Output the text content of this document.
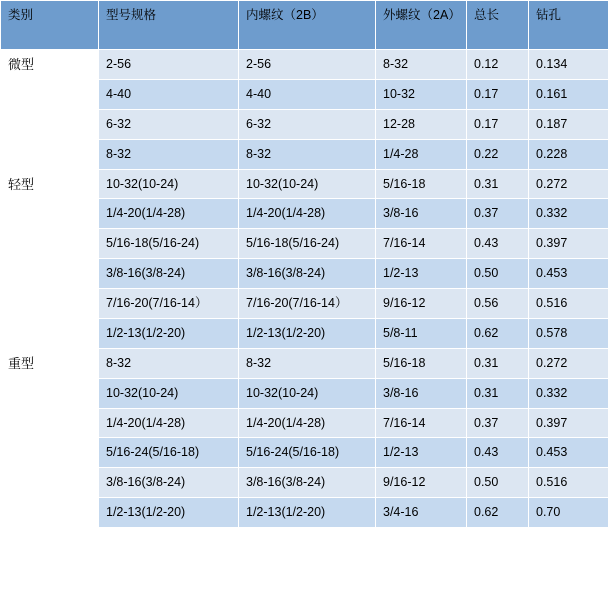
类别	型号规格	内螺纹（2B）	外螺纹（2A）	总长	钻孔
微型	2-56	2-56	8-32	0.12	0.134
	4-40	4-40	10-32	0.17	0.161
	6-32	6-32	12-28	0.17	0.187
	8-32	8-32	1/4-28	0.22	0.228
轻型	10-32(10-24)	10-32(10-24)	5/16-18	0.31	0.272
	1/4-20(1/4-28)	1/4-20(1/4-28)	3/8-16	0.37	0.332
	5/16-18(5/16-24)	5/16-18(5/16-24)	7/16-14	0.43	0.397
	3/8-16(3/8-24)	3/8-16(3/8-24)	1/2-13	0.50	0.453
	7/16-20(7/16-14）	7/16-20(7/16-14）	9/16-12	0.56	0.516
	1/2-13(1/2-20)	1/2-13(1/2-20)	5/8-11	0.62	0.578
重型	8-32	8-32	5/16-18	0.31	0.272
	10-32(10-24)	10-32(10-24)	3/8-16	0.31	0.332
	1/4-20(1/4-28)	1/4-20(1/4-28)	7/16-14	0.37	0.397
	5/16-24(5/16-18)	5/16-24(5/16-18)	1/2-13	0.43	0.453
	3/8-16(3/8-24)	3/8-16(3/8-24)	9/16-12	0.50	0.516
	1/2-13(1/2-20)	1/2-13(1/2-20)	3/4-16	0.62	0.70
